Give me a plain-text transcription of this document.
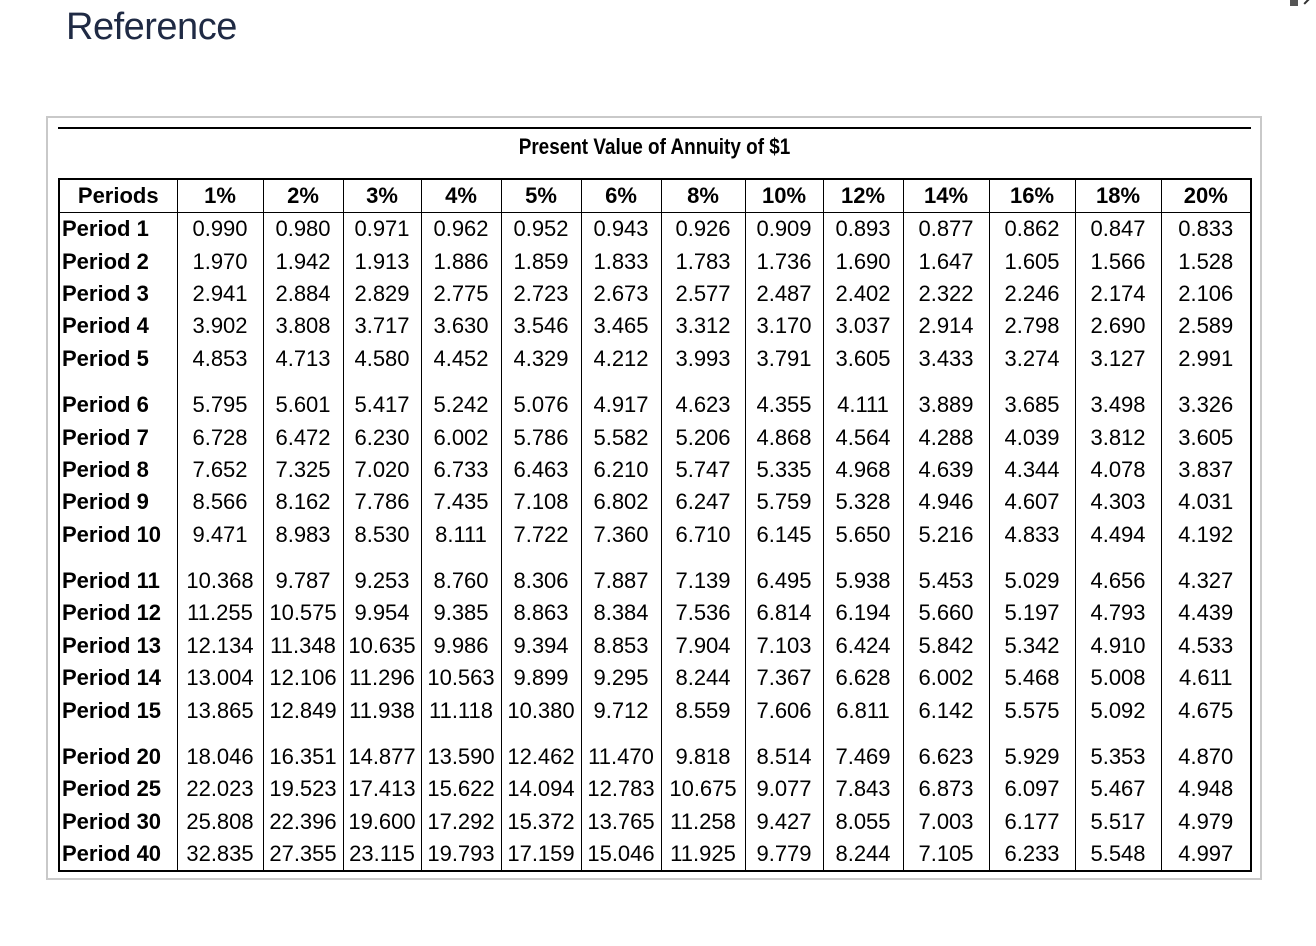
Reference
Present Value of Annuity of $1
Periods	1%	2%	3%	4%	5%	6%	8%	10%	12%	14%	16%	18%	20%
Period 1	0.990	0.980	0.971	0.962	0.952	0.943	0.926	0.909	0.893	0.877	0.862	0.847	0.833
Period 2	1.970	1.942	1.913	1.886	1.859	1.833	1.783	1.736	1.690	1.647	1.605	1.566	1.528
Period 3	2.941	2.884	2.829	2.775	2.723	2.673	2.577	2.487	2.402	2.322	2.246	2.174	2.106
Period 4	3.902	3.808	3.717	3.630	3.546	3.465	3.312	3.170	3.037	2.914	2.798	2.690	2.589
Period 5	4.853	4.713	4.580	4.452	4.329	4.212	3.993	3.791	3.605	3.433	3.274	3.127	2.991

Period 6	5.795	5.601	5.417	5.242	5.076	4.917	4.623	4.355	4.111	3.889	3.685	3.498	3.326
Period 7	6.728	6.472	6.230	6.002	5.786	5.582	5.206	4.868	4.564	4.288	4.039	3.812	3.605
Period 8	7.652	7.325	7.020	6.733	6.463	6.210	5.747	5.335	4.968	4.639	4.344	4.078	3.837
Period 9	8.566	8.162	7.786	7.435	7.108	6.802	6.247	5.759	5.328	4.946	4.607	4.303	4.031
Period 10	9.471	8.983	8.530	8.111	7.722	7.360	6.710	6.145	5.650	5.216	4.833	4.494	4.192

Period 11	10.368	9.787	9.253	8.760	8.306	7.887	7.139	6.495	5.938	5.453	5.029	4.656	4.327
Period 12	11.255	10.575	9.954	9.385	8.863	8.384	7.536	6.814	6.194	5.660	5.197	4.793	4.439
Period 13	12.134	11.348	10.635	9.986	9.394	8.853	7.904	7.103	6.424	5.842	5.342	4.910	4.533
Period 14	13.004	12.106	11.296	10.563	9.899	9.295	8.244	7.367	6.628	6.002	5.468	5.008	4.611
Period 15	13.865	12.849	11.938	11.118	10.380	9.712	8.559	7.606	6.811	6.142	5.575	5.092	4.675

Period 20	18.046	16.351	14.877	13.590	12.462	11.470	9.818	8.514	7.469	6.623	5.929	5.353	4.870
Period 25	22.023	19.523	17.413	15.622	14.094	12.783	10.675	9.077	7.843	6.873	6.097	5.467	4.948
Period 30	25.808	22.396	19.600	17.292	15.372	13.765	11.258	9.427	8.055	7.003	6.177	5.517	4.979
Period 40	32.835	27.355	23.115	19.793	17.159	15.046	11.925	9.779	8.244	7.105	6.233	5.548	4.997
